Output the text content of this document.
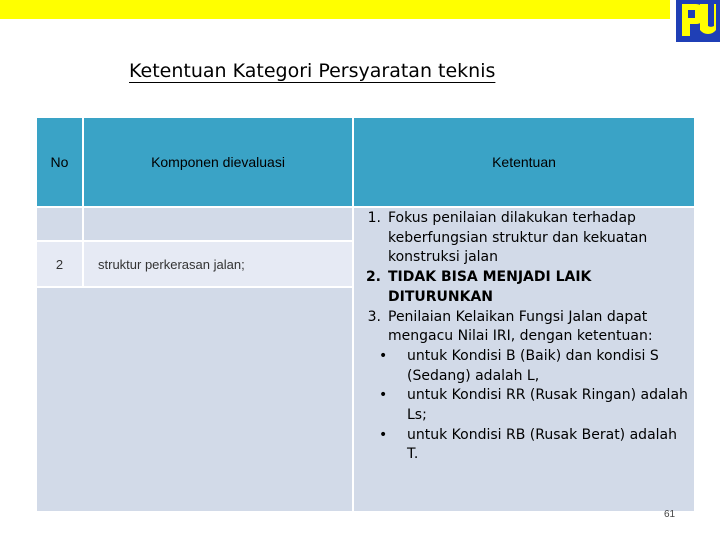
Ketentuan Kategori Persyaratan teknis
No	Komponen dievaluasi	Ketentuan
2	struktur perkerasan jalan;
1. Fokus penilaian dilakukan terhadap keberfungsian struktur dan kekuatan konstruksi jalan
2. TIDAK BISA MENJADI LAIK DITURUNKAN
3. Penilaian Kelaikan Fungsi Jalan dapat mengacu Nilai IRI, dengan ketentuan:
• untuk Kondisi B (Baik) dan kondisi S (Sedang) adalah L,
• untuk Kondisi RR (Rusak Ringan) adalah Ls;
• untuk Kondisi RB (Rusak Berat) adalah T.
61
